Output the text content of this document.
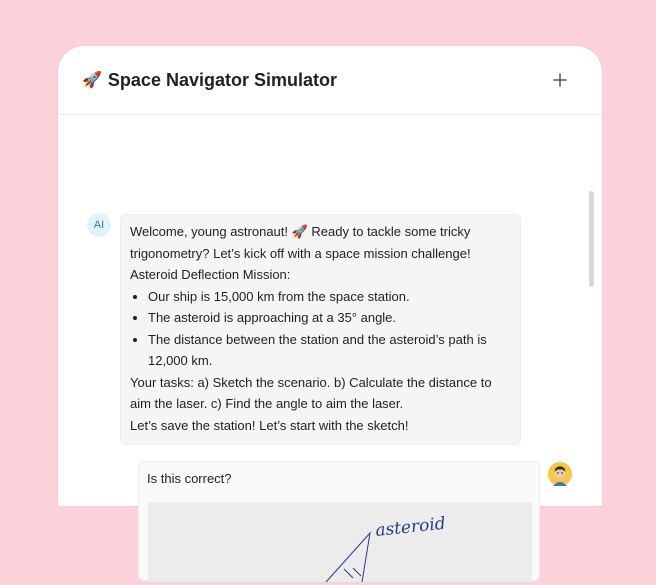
🚀 Space Navigator Simulator
AI	Welcome, young astronaut! 🚀 Ready to tackle some tricky trigonometry? Let’s kick off with a space mission challenge!

Asteroid Deflection Mission:

• Our ship is 15,000 km from the space station.
• The asteroid is approaching at a 35° angle.
• The distance between the station and the asteroid’s path is 12,000 km.

Your tasks: a) Sketch the scenario. b) Calculate the distance to aim the laser. c) Find the angle to aim the laser.

Let’s save the station! Let’s start with the sketch!

Is this correct?
asteroid
